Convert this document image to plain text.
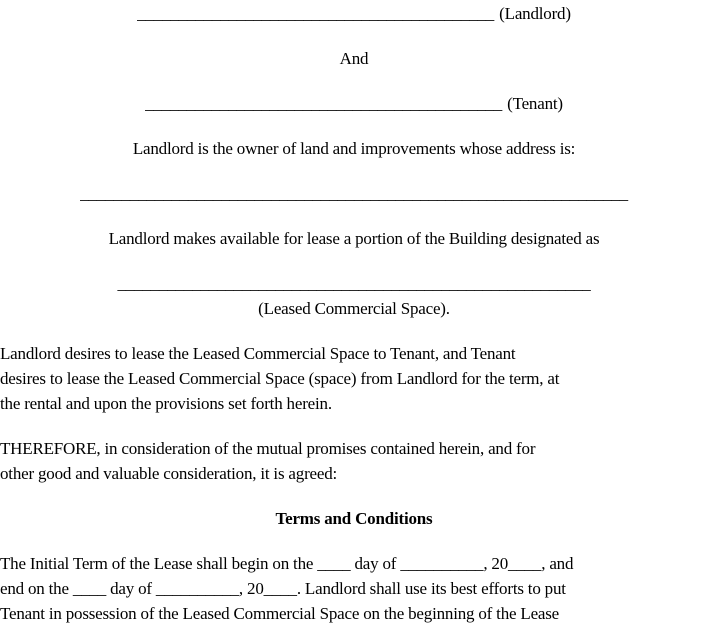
___________________________________________ (Landlord)
And
___________________________________________ (Tenant)
Landlord is the owner of land and improvements whose address is:
__________________________________________________________________
Landlord makes available for lease a portion of the Building designated as
_________________________________________________________
(Leased Commercial Space).
Landlord desires to lease the Leased Commercial Space to Tenant, and Tenant
desires to lease the Leased Commercial Space (space) from Landlord for the term, at
the rental and upon the provisions set forth herein.
THEREFORE, in consideration of the mutual promises contained herein, and for
other good and valuable consideration, it is agreed:
Terms and Conditions
The Initial Term of the Lease shall begin on the ____ day of __________, 20____, and
end on the ____ day of __________, 20____. Landlord shall use its best efforts to put
Tenant in possession of the Leased Commercial Space on the beginning of the Lease
